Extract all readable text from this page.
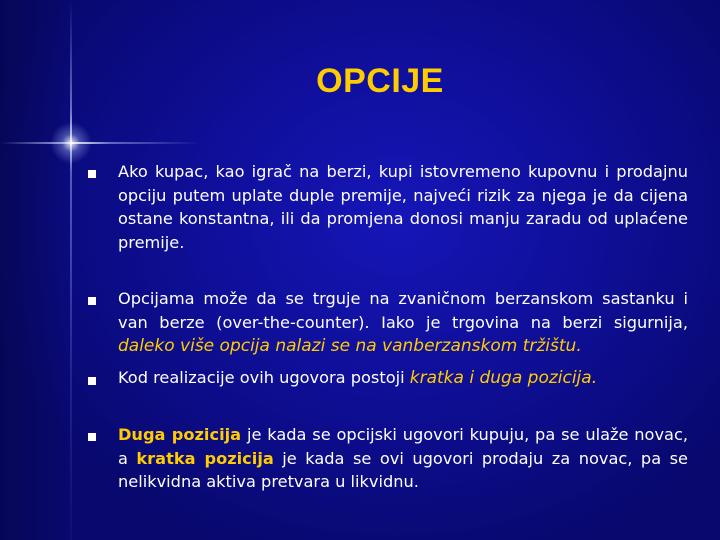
OPCIJE
Ako kupac, kao igrač na berzi, kupi istovremeno kupovnu i prodajnu opciju putem uplate duple premije, najveći rizik za njega je da cijena ostane konstantna, ili da promjena donosi manju zaradu od uplaćene premije.
Opcijama može da se trguje na zvaničnom berzanskom sastanku i van berze (over-the-counter). Iako je trgovina na berzi sigurnija, daleko više opcija nalazi se na vanberzanskom tržištu.
Kod realizacije ovih ugovora postoji kratka i duga pozicija.
Duga pozicija je kada se opcijski ugovori kupuju, pa se ulaže novac, a kratka pozicija je kada se ovi ugovori prodaju za novac, pa se nelikvidna aktiva pretvara u likvidnu.
